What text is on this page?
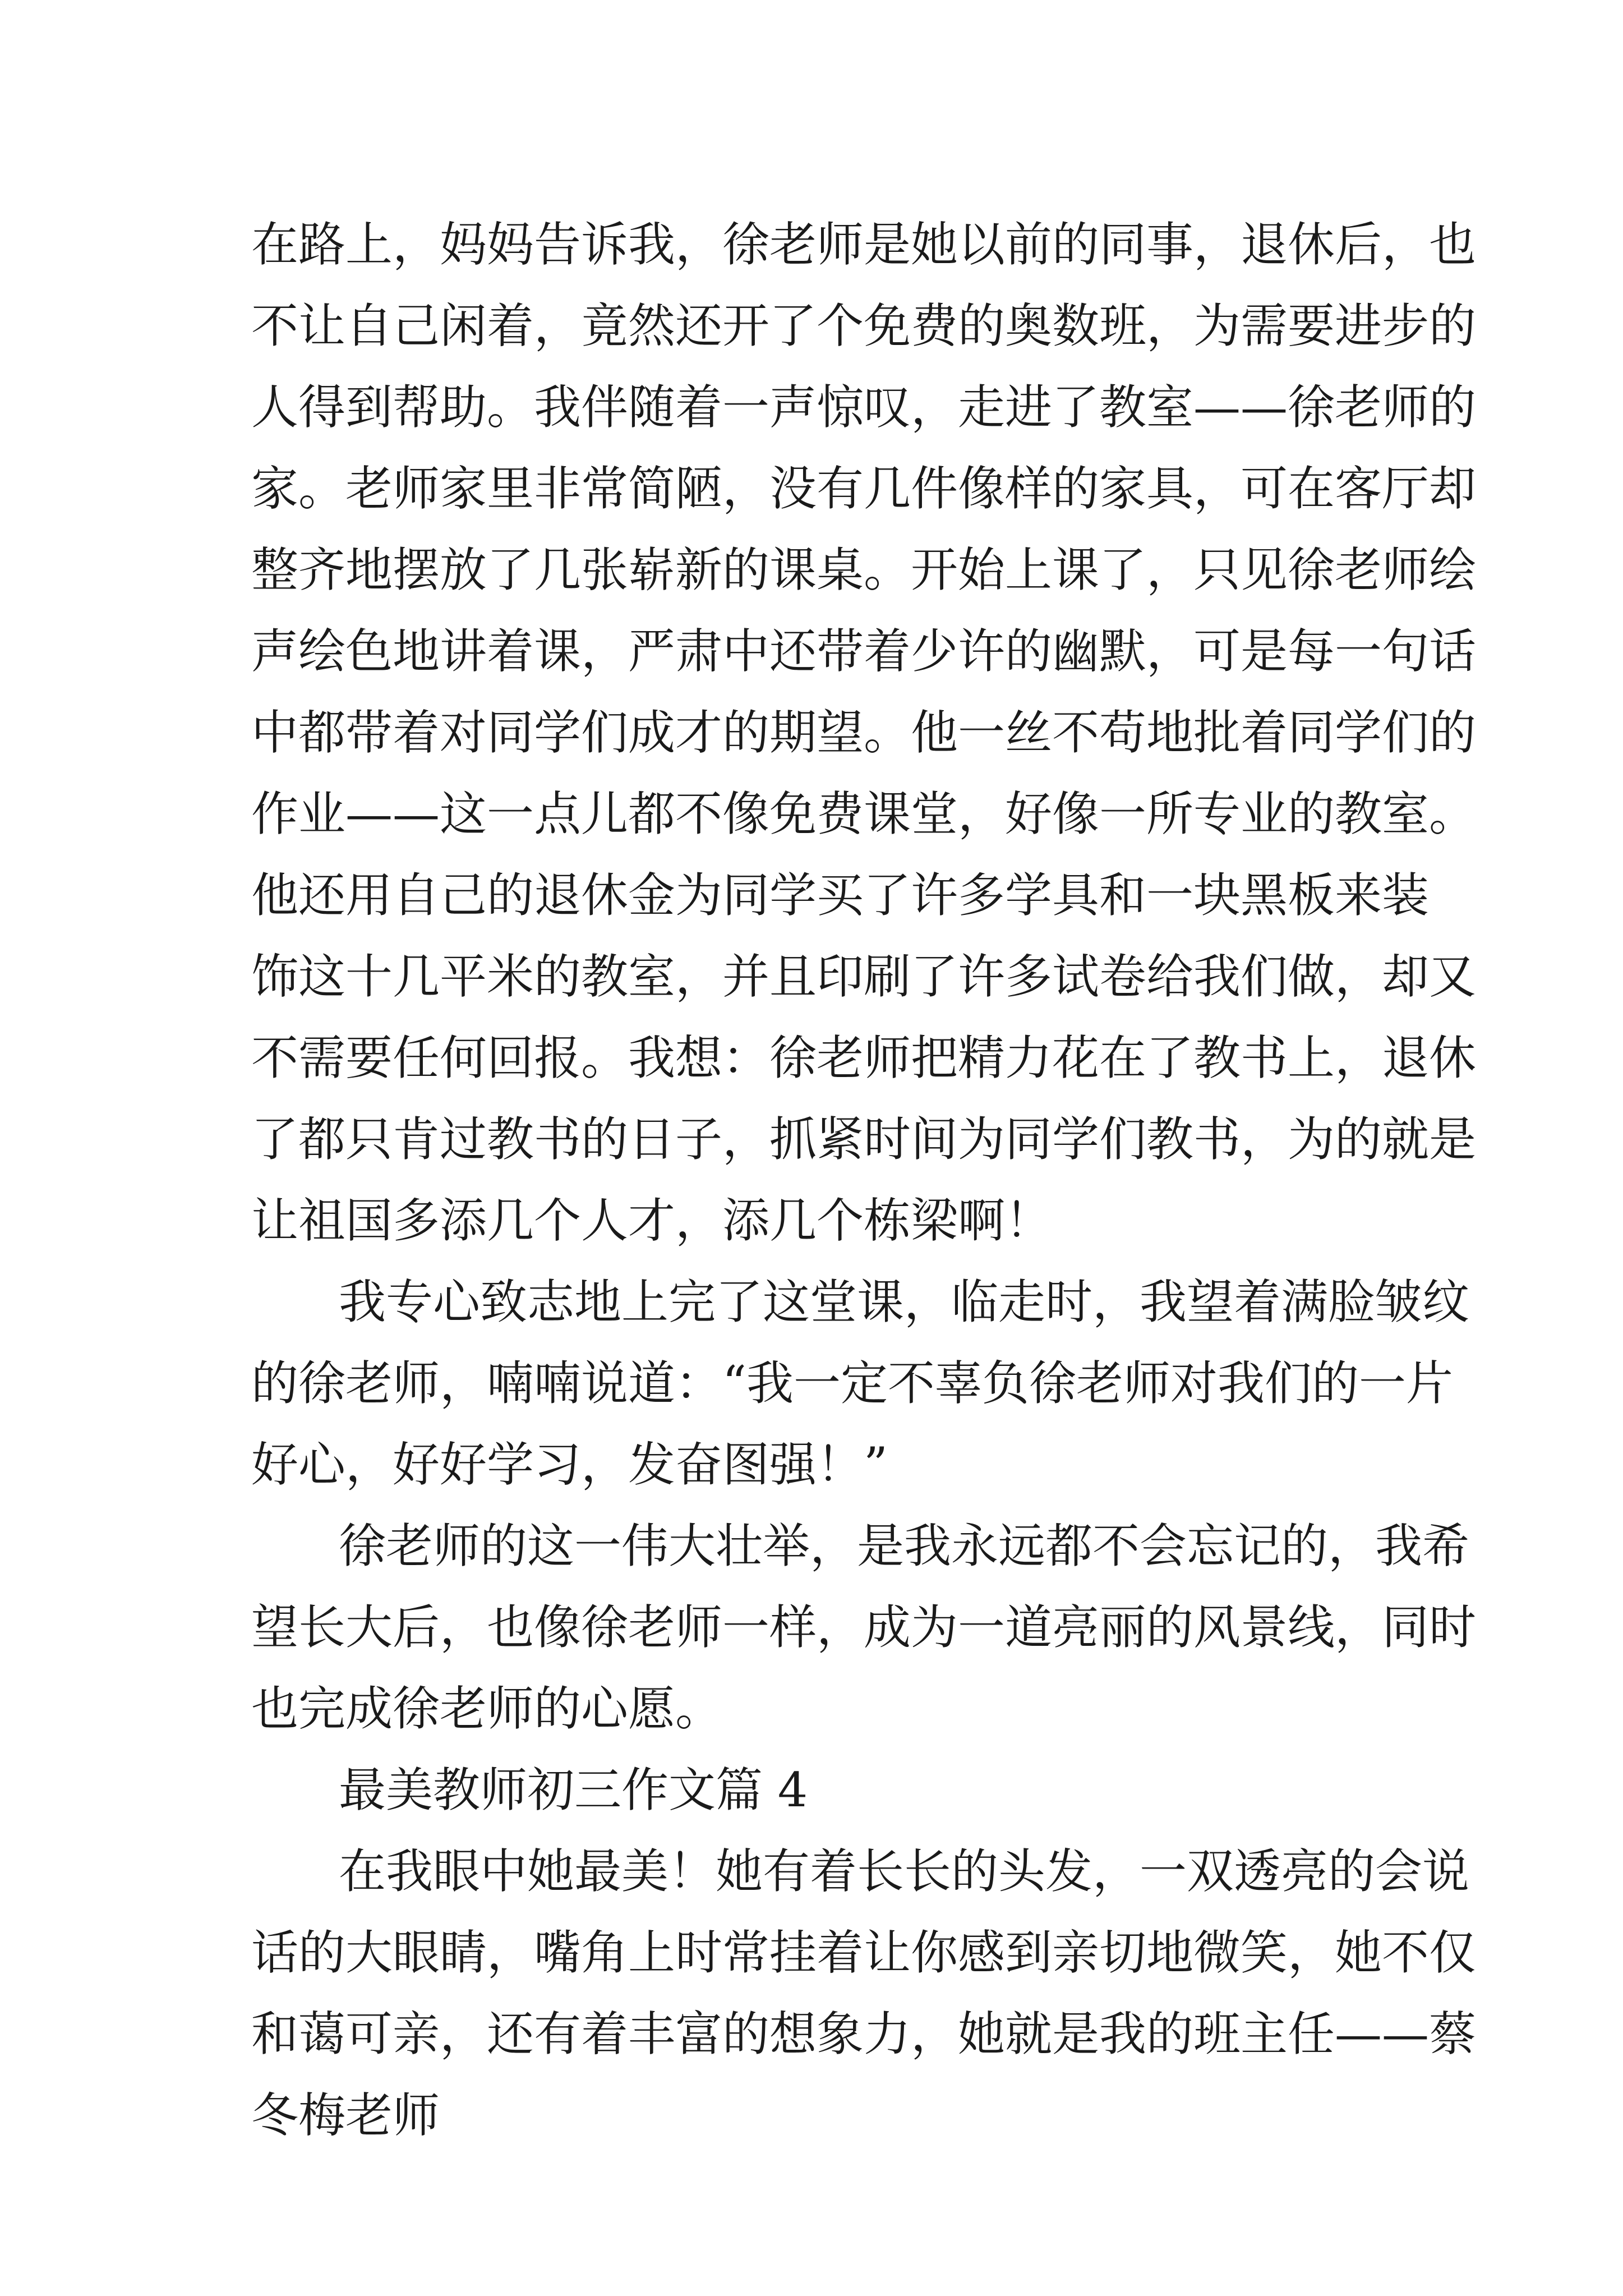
在路上，妈妈告诉我，徐老师是她以前的同事，退休后，也
不让自己闲着，竟然还开了个免费的奥数班，为需要进步的
人得到帮助。我伴随着一声惊叹，走进了教室——徐老师的
家。老师家里非常简陋，没有几件像样的家具，可在客厅却
整齐地摆放了几张崭新的课桌。开始上课了，只见徐老师绘
声绘色地讲着课，严肃中还带着少许的幽默，可是每一句话
中都带着对同学们成才的期望。他一丝不苟地批着同学们的
作业——这一点儿都不像免费课堂，好像一所专业的教室。
他还用自己的退休金为同学买了许多学具和一块黑板来装
饰这十几平米的教室，并且印刷了许多试卷给我们做，却又
不需要任何回报。我想：徐老师把精力花在了教书上，退休
了都只肯过教书的日子，抓紧时间为同学们教书，为的就是
让祖国多添几个人才，添几个栋梁啊！
我专心致志地上完了这堂课，临走时，我望着满脸皱纹
的徐老师，喃喃说道：“我一定不辜负徐老师对我们的一片
好心，好好学习，发奋图强！”
徐老师的这一伟大壮举，是我永远都不会忘记的，我希
望长大后，也像徐老师一样，成为一道亮丽的风景线，同时
也完成徐老师的心愿。
最美教师初三作文篇 4
在我眼中她最美！她有着长长的头发，一双透亮的会说
话的大眼睛，嘴角上时常挂着让你感到亲切地微笑，她不仅
和蔼可亲，还有着丰富的想象力，她就是我的班主任——蔡
冬梅老师
